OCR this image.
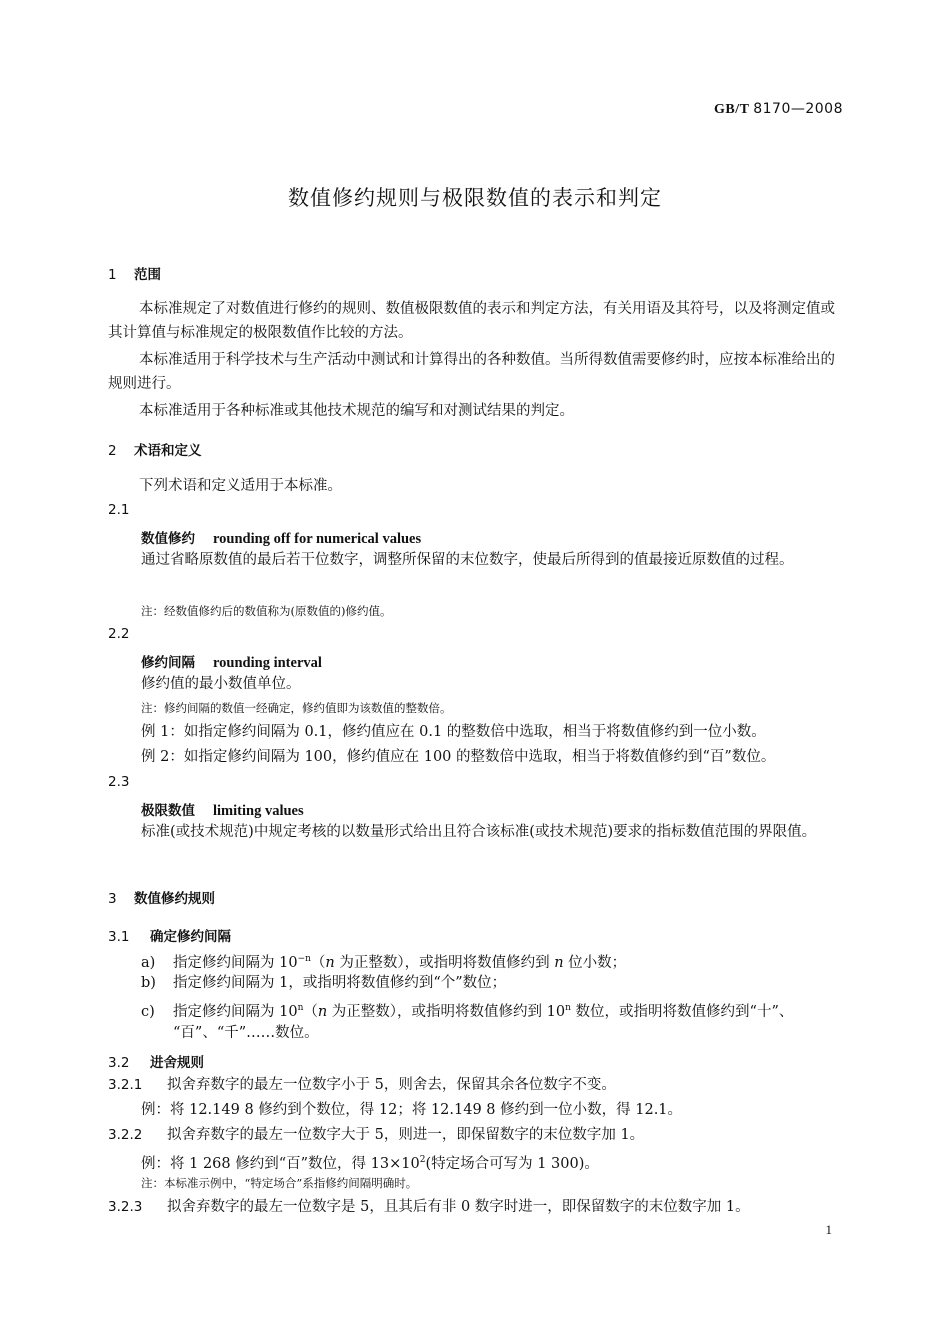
GB/T 8170—2008
数值修约规则与极限数值的表示和判定
1 范围
本标准规定了对数值进行修约的规则、数值极限数值的表示和判定方法，有关用语及其符号，以及将测定值或其计算值与标准规定的极限数值作比较的方法。
本标准适用于科学技术与生产活动中测试和计算得出的各种数值。当所得数值需要修约时，应按本标准给出的规则进行。
本标准适用于各种标准或其他技术规范的编写和对测试结果的判定。
2 术语和定义
下列术语和定义适用于本标准。
2.1
数值修约 rounding off for numerical values
通过省略原数值的最后若干位数字，调整所保留的末位数字，使最后所得到的值最接近原数值的过程。
注：经数值修约后的数值称为(原数值的)修约值。
2.2
修约间隔 rounding interval
修约值的最小数值单位。
注：修约间隔的数值一经确定，修约值即为该数值的整数倍。
例 1：如指定修约间隔为 0.1，修约值应在 0.1 的整数倍中选取，相当于将数值修约到一位小数。
例 2：如指定修约间隔为 100，修约值应在 100 的整数倍中选取，相当于将数值修约到“百”数位。
2.3
极限数值 limiting values
标准(或技术规范)中规定考核的以数量形式给出且符合该标准(或技术规范)要求的指标数值范围的界限值。
3 数值修约规则
3.1 确定修约间隔
a) 指定修约间隔为 $10^{-n}(n$ 为正整数），或指明将数值修约到 n 位小数；
b) 指定修约间隔为 1，或指明将数值修约到“个”数位；
c) 指定修约间隔为 10$^n$（n 为正整数），或指明将数值修约到 10$^n$ 数位，或指明将数值修约到“十”、
“百”、“千”……数位。
3.2 进舍规则
3.2.1 拟舍弃数字的最左一位数字小于 5，则舍去，保留其余各位数字不变。
例：将 12.149 8 修约到个数位，得 12；将 12.149 8 修约到一位小数，得 12.1。
3.2.2 拟舍弃数字的最左一位数字大于 5，则进一，即保留数字的末位数字加 1。
例：将 1 268 修约到“百”数位，得 $13\times 10^2$(特定场合可写为 1 300)。
注：本标准示例中，“特定场合”系指修约间隔明确时。
3.2.3 拟舍弃数字的最左一位数字是 5，且其后有非 0 数字时进一，即保留数字的末位数字加 1。
1
